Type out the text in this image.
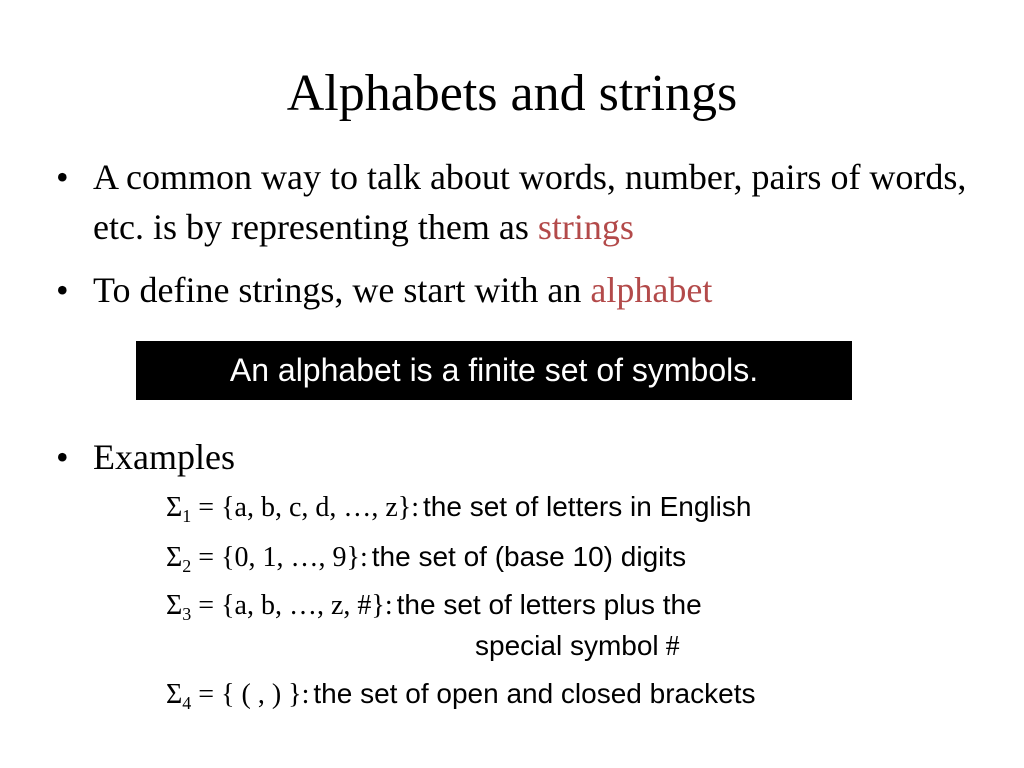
Alphabets and strings
• A common way to talk about words, number, pairs of words, etc. is by representing them as strings
• To define strings, we start with an alphabet
An alphabet is a finite set of symbols.
• Examples
$\Sigma_1 = \{a$, b, c, d, …, z}: the set of letters in English
$\Sigma_2 = \{0$, 1, …, 9}: the set of (base 10) digits
$\Sigma_3 = \{a$, b, …, z, #}: the set of letters plus the
special symbol #
$\Sigma_4$ = { ( , ) }: the set of open and closed brackets
